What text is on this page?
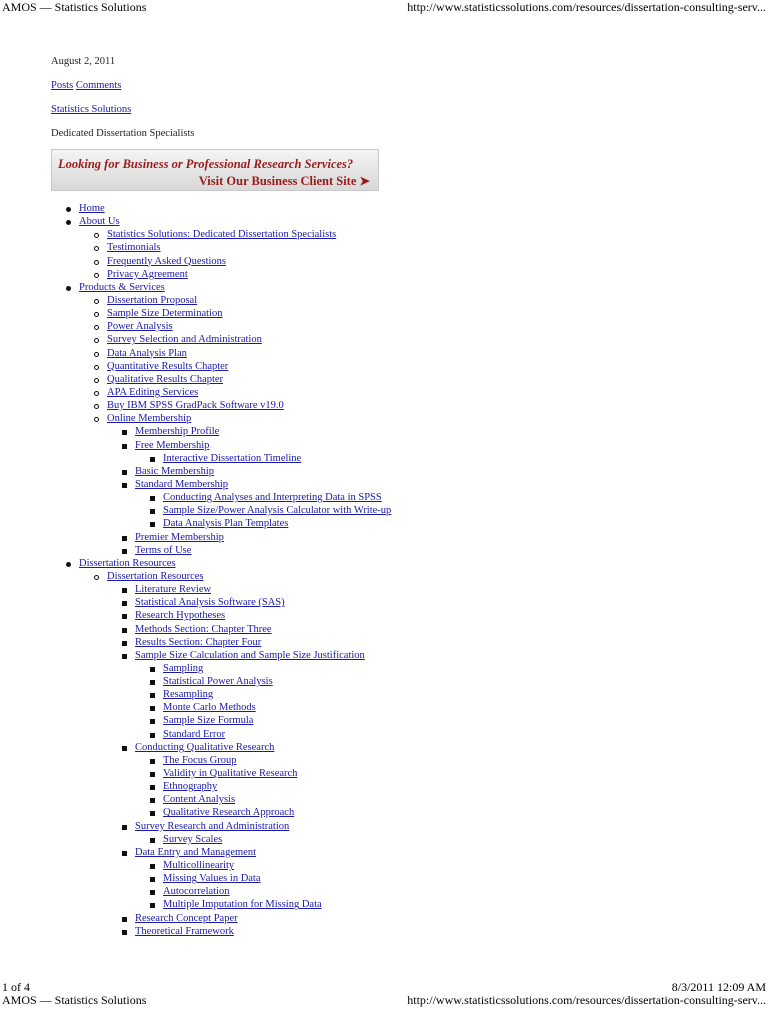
AMOS — Statistics Solutions	http://www.statisticssolutions.com/resources/dissertation-consulting-serv...
August 2, 2011
Posts Comments
Statistics Solutions
Dedicated Dissertation Specialists
Looking for Business or Professional Research Services?
Visit Our Business Client Site ➤
Home
About Us
Statistics Solutions: Dedicated Dissertation Specialists
Testimonials
Frequently Asked Questions
Privacy Agreement
Products & Services
Dissertation Proposal
Sample Size Determination
Power Analysis
Survey Selection and Administration
Data Analysis Plan
Quantitative Results Chapter
Qualitative Results Chapter
APA Editing Services
Buy IBM SPSS GradPack Software v19.0
Online Membership
Membership Profile
Free Membership
Interactive Dissertation Timeline
Basic Membership
Standard Membership
Conducting Analyses and Interpreting Data in SPSS
Sample Size/Power Analysis Calculator with Write-up
Data Analysis Plan Templates
Premier Membership
Terms of Use
Dissertation Resources
Dissertation Resources
Literature Review
Statistical Analysis Software (SAS)
Research Hypotheses
Methods Section: Chapter Three
Results Section: Chapter Four
Sample Size Calculation and Sample Size Justification
Sampling
Statistical Power Analysis
Resampling
Monte Carlo Methods
Sample Size Formula
Standard Error
Conducting Qualitative Research
The Focus Group
Validity in Qualitative Research
Ethnography
Content Analysis
Qualitative Research Approach
Survey Research and Administration
Survey Scales
Data Entry and Management
Multicollinearity
Missing Values in Data
Autocorrelation
Multiple Imputation for Missing Data
Research Concept Paper
Theoretical Framework
1 of 4	8/3/2011 12:09 AM
AMOS — Statistics Solutions	http://www.statisticssolutions.com/resources/dissertation-consulting-serv...
